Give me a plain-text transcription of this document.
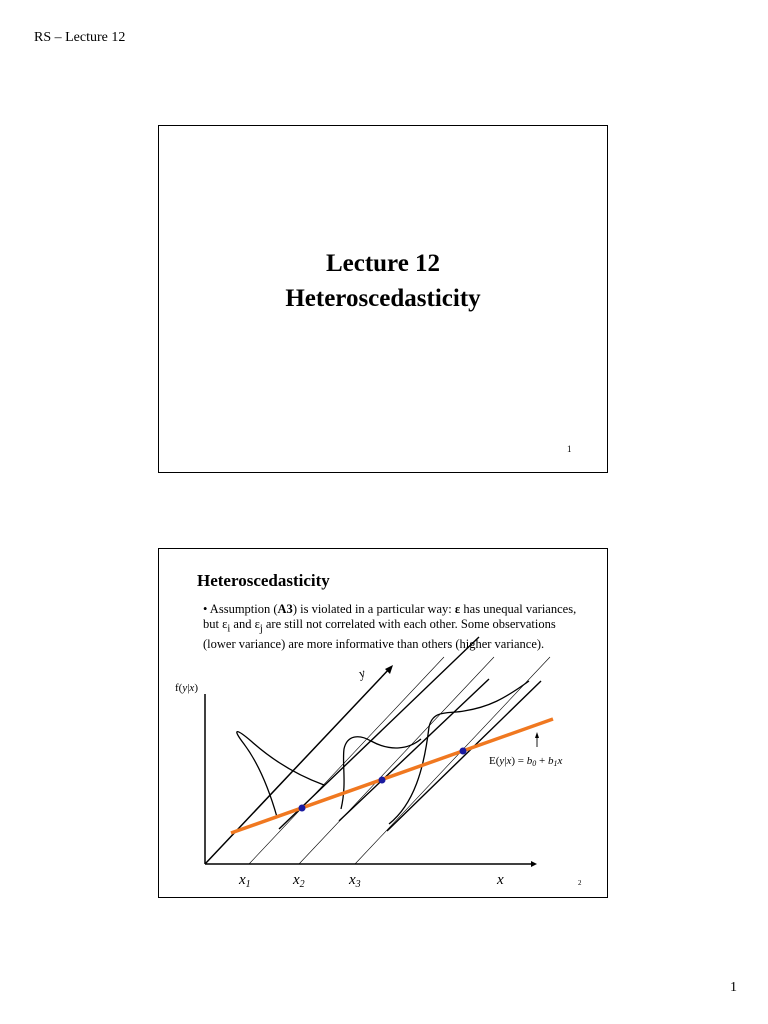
RS – Lecture 12
Lecture 12
Heteroscedasticity
1
Heteroscedasticity
• Assumption (A3) is violated in a particular way: ε has unequal variances, but $\varepsilon_i$ and $\varepsilon_j$ are still not correlated with each other. Some observations (lower variance) are more informative than others (higher variance).
f(y|x)
y
E(y|x) = b0 + b1x
$x_1$	$x_2$	$x_3$	x	2
1
